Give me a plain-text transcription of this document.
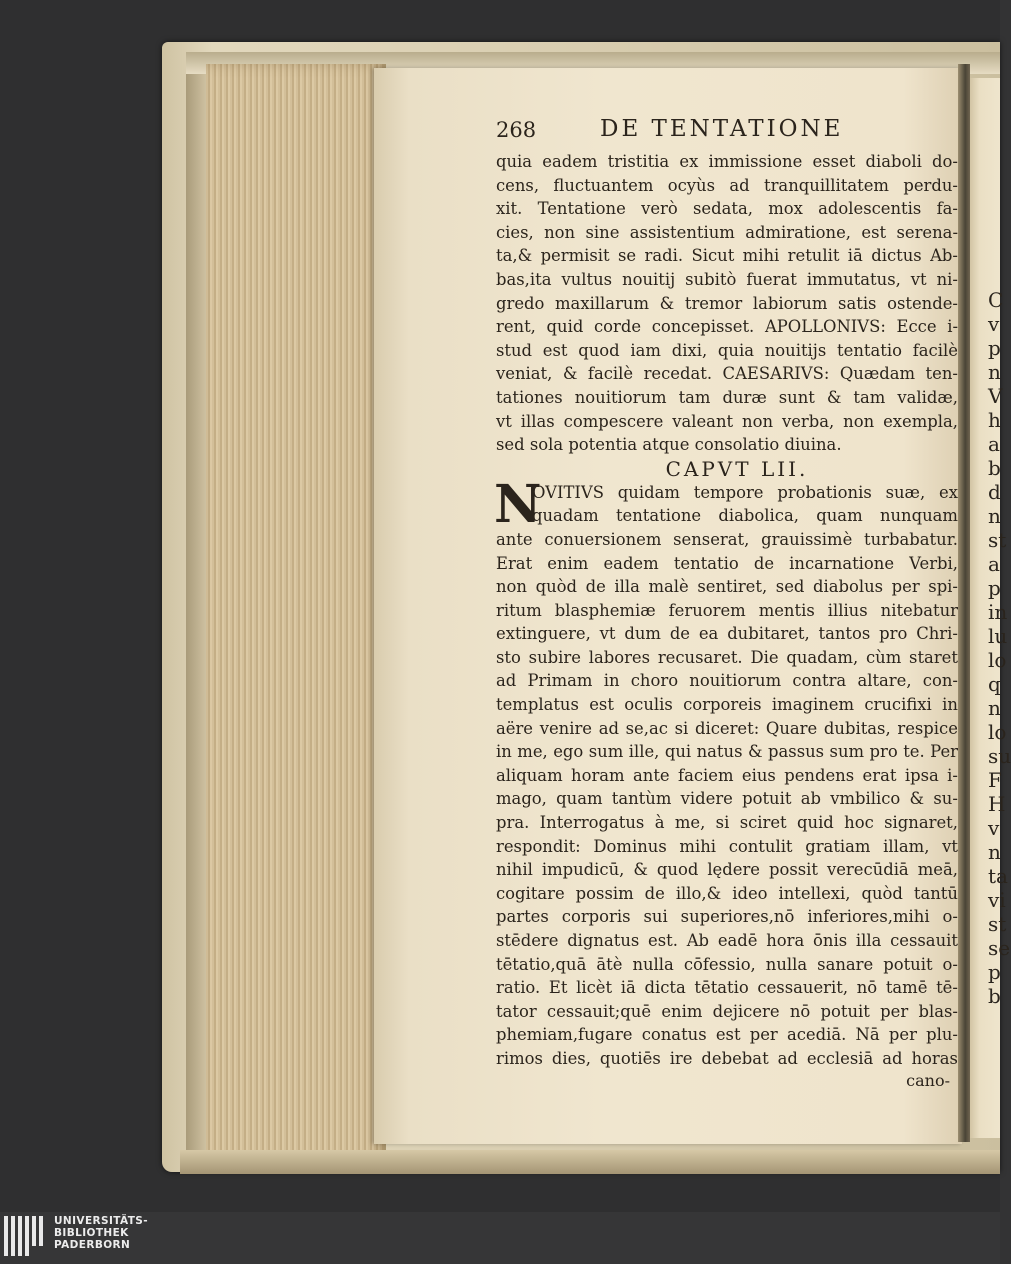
C
v
p
n
V
h
a
b
d
n
st
a
p
in
lu
lo
q
n
lo
su
F
H
v
n
ta
vi
st
se
p
b
268	DE TENTATIONE
quia eadem tristitia ex immissione esset diaboli do-
cens, fluctuantem ocyùs ad tranquillitatem perdu-
xit. Tentatione verò sedata, mox adolescentis fa-
cies, non sine assistentium admiratione, est serena-
ta,& permisit se radi. Sicut mihi retulit iā dictus Ab-
bas,ita vultus nouitij subitò fuerat immutatus, vt ni-
gredo maxillarum & tremor labiorum satis ostende-
rent, quid corde concepisset. APOLLONIVS: Ecce i-
stud est quod iam dixi, quia nouitijs tentatio facilè
veniat, & facilè recedat. CAESARIVS: Quædam ten-
tationes nouitiorum tam duræ sunt & tam validæ,
vt illas compescere valeant non verba, non exempla,
sed sola potentia atque consolatio diuina.
CAPVT LII.
N
OVITIVS quidam tempore probationis suæ, ex
quadam tentatione diabolica, quam nunquam
ante conuersionem senserat, grauissimè turbabatur.
Erat enim eadem tentatio de incarnatione Verbi,
non quòd de illa malè sentiret, sed diabolus per spi-
ritum blasphemiæ feruorem mentis illius nitebatur
extinguere, vt dum de ea dubitaret, tantos pro Chri-
sto subire labores recusaret. Die quadam, cùm staret
ad Primam in choro nouitiorum contra altare, con-
templatus est oculis corporeis imaginem crucifixi in
aëre venire ad se,ac si diceret: Quare dubitas, respice
in me, ego sum ille, qui natus & passus sum pro te. Per
aliquam horam ante faciem eius pendens erat ipsa i-
mago, quam tantùm videre potuit ab vmbilico & su-
pra. Interrogatus à me, si sciret quid hoc signaret,
respondit: Dominus mihi contulit gratiam illam, vt
nihil impudicū, & quod lędere possit verecūdiā meā,
cogitare possim de illo,& ideo intellexi, quòd tantū
partes corporis sui superiores,nō inferiores,mihi o-
stēdere dignatus est. Ab eadē hora ōnis illa cessauit
tētatio,quā ātè nulla cōfessio, nulla sanare potuit o-
ratio. Et licèt iā dicta tētatio cessauerit, nō tamē tē-
tator cessauit;quē enim dejicere nō potuit per blas-
phemiam,fugare conatus est per acediā. Nā per plu-
rimos dies, quotiēs ire debebat ad ecclesiā ad horas
cano-
UNIVERSITÄTS-
BIBLIOTHEK
PADERBORN
